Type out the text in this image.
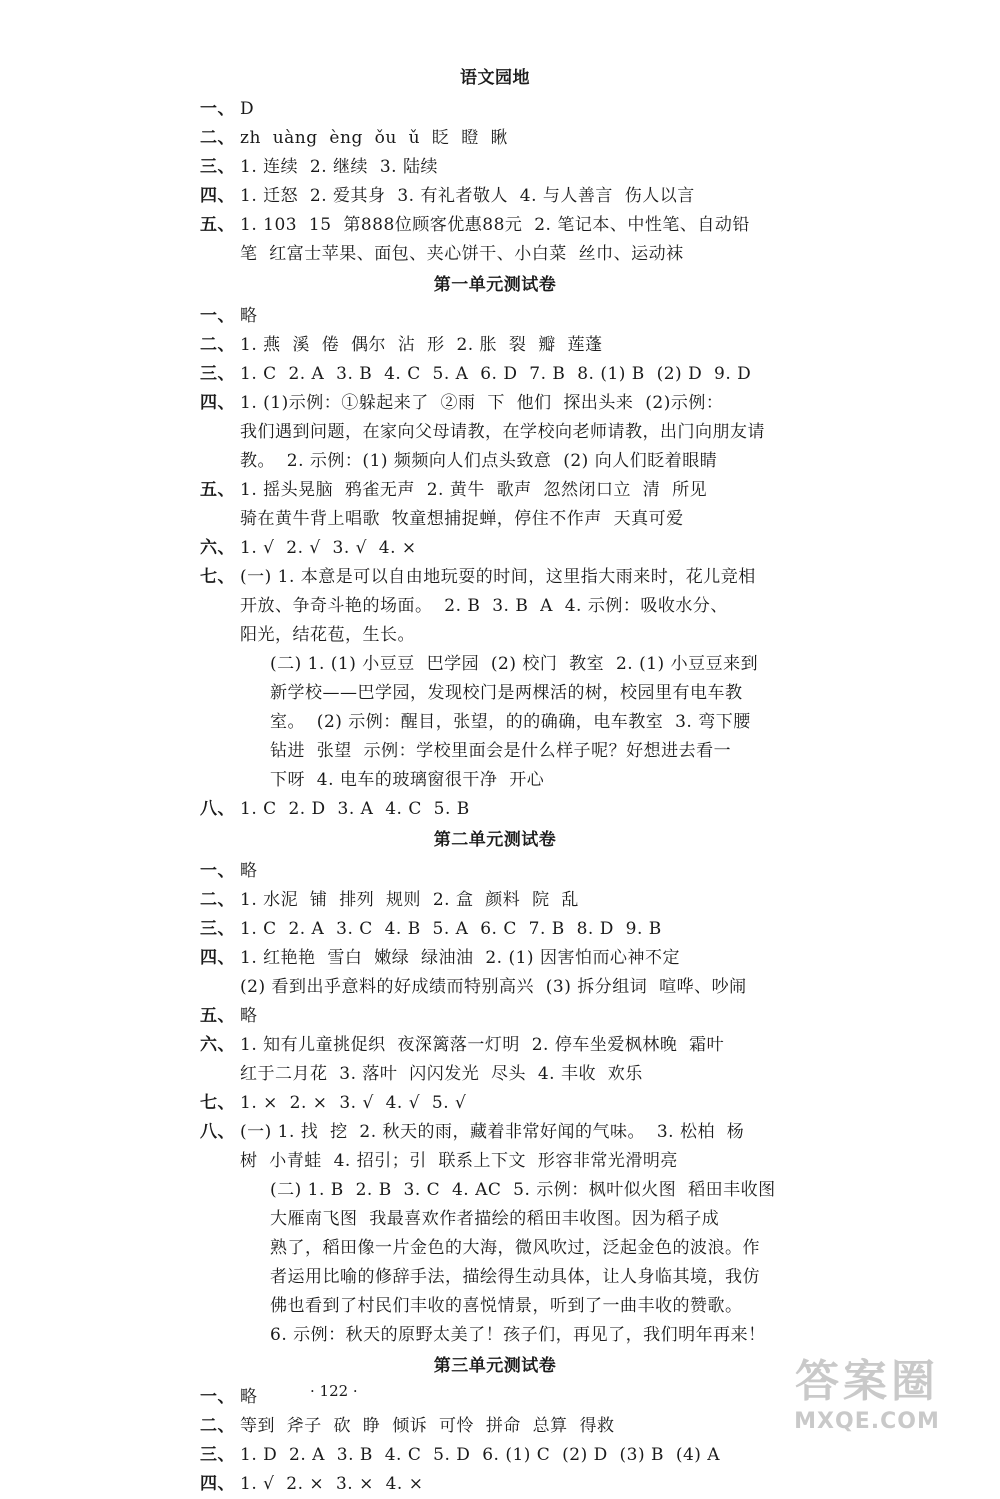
语文园地
一、 D
二、 zh  uàng  èng  ǒu  ǔ  眨  瞪  瞅
三、 1. 连续  2. 继续  3. 陆续
四、 1. 迁怒  2. 爱其身  3. 有礼者敬人  4. 与人善言  伤人以言
五、 1. 103  15  第888位顾客优惠88元  2. 笔记本、中性笔、自动铅
笔  红富士苹果、面包、夹心饼干、小白菜  丝巾、运动袜
第一单元测试卷
一、 略
二、 1. 燕  溪  倦  偶尔  沾  形  2. 胀  裂  瓣  莲蓬
三、 1. C  2. A  3. B  4. C  5. A  6. D  7. B  8. (1) B  (2) D  9. D
四、 1. (1)示例：①躲起来了  ②雨  下  他们  探出头来  (2)示例：
我们遇到问题，在家向父母请教，在学校向老师请教，出门向朋友请
教。  2. 示例：(1) 频频向人们点头致意  (2) 向人们眨着眼睛
五、 1. 摇头晃脑  鸦雀无声  2. 黄牛  歌声  忽然闭口立  清  所见
骑在黄牛背上唱歌  牧童想捕捉蝉，停住不作声  天真可爱
六、 1. √  2. √  3. √  4. ×
七、 (一) 1. 本意是可以自由地玩耍的时间，这里指大雨来时，花儿竞相
开放、争奇斗艳的场面。  2. B  3. B  A  4. 示例：吸收水分、
阳光，结花苞，生长。
(二) 1. (1) 小豆豆  巴学园  (2) 校门  教室  2. (1) 小豆豆来到
新学校——巴学园，发现校门是两棵活的树，校园里有电车教
室。  (2) 示例：醒目，张望，的的确确，电车教室  3. 弯下腰
钻进  张望  示例：学校里面会是什么样子呢？好想进去看一
下呀  4. 电车的玻璃窗很干净  开心
八、 1. C  2. D  3. A  4. C  5. B
第二单元测试卷
一、 略
二、 1. 水泥  铺  排列  规则  2. 盒  颜料  院  乱
三、 1. C  2. A  3. C  4. B  5. A  6. C  7. B  8. D  9. B
四、 1. 红艳艳  雪白  嫩绿  绿油油  2. (1) 因害怕而心神不定
(2) 看到出乎意料的好成绩而特别高兴  (3) 拆分组词  喧哗、吵闹
五、 略
六、 1. 知有儿童挑促织  夜深篱落一灯明  2. 停车坐爱枫林晚  霜叶
红于二月花  3. 落叶  闪闪发光  尽头  4. 丰收  欢乐
七、 1. ×  2. ×  3. √  4. √  5. √
八、 (一) 1. 找  挖  2. 秋天的雨，藏着非常好闻的气味。  3. 松柏  杨
树  小青蛙  4. 招引；引  联系上下文  形容非常光滑明亮
(二) 1. B  2. B  3. C  4. AC  5. 示例：枫叶似火图  稻田丰收图
大雁南飞图  我最喜欢作者描绘的稻田丰收图。因为稻子成
熟了，稻田像一片金色的大海，微风吹过，泛起金色的波浪。作
者运用比喻的修辞手法，描绘得生动具体，让人身临其境，我仿
佛也看到了村民们丰收的喜悦情景，听到了一曲丰收的赞歌。
6. 示例：秋天的原野太美了！孩子们，再见了，我们明年再来！
第三单元测试卷
一、 略
二、 等到  斧子  砍  睁  倾诉  可怜  拼命  总算  得救
三、 1. D  2. A  3. B  4. C  5. D  6. (1) C  (2) D  (3) B  (4) A
四、 1. √  2. ×  3. ×  4. ×
· 122 ·	答案圈
MXQE.COM
